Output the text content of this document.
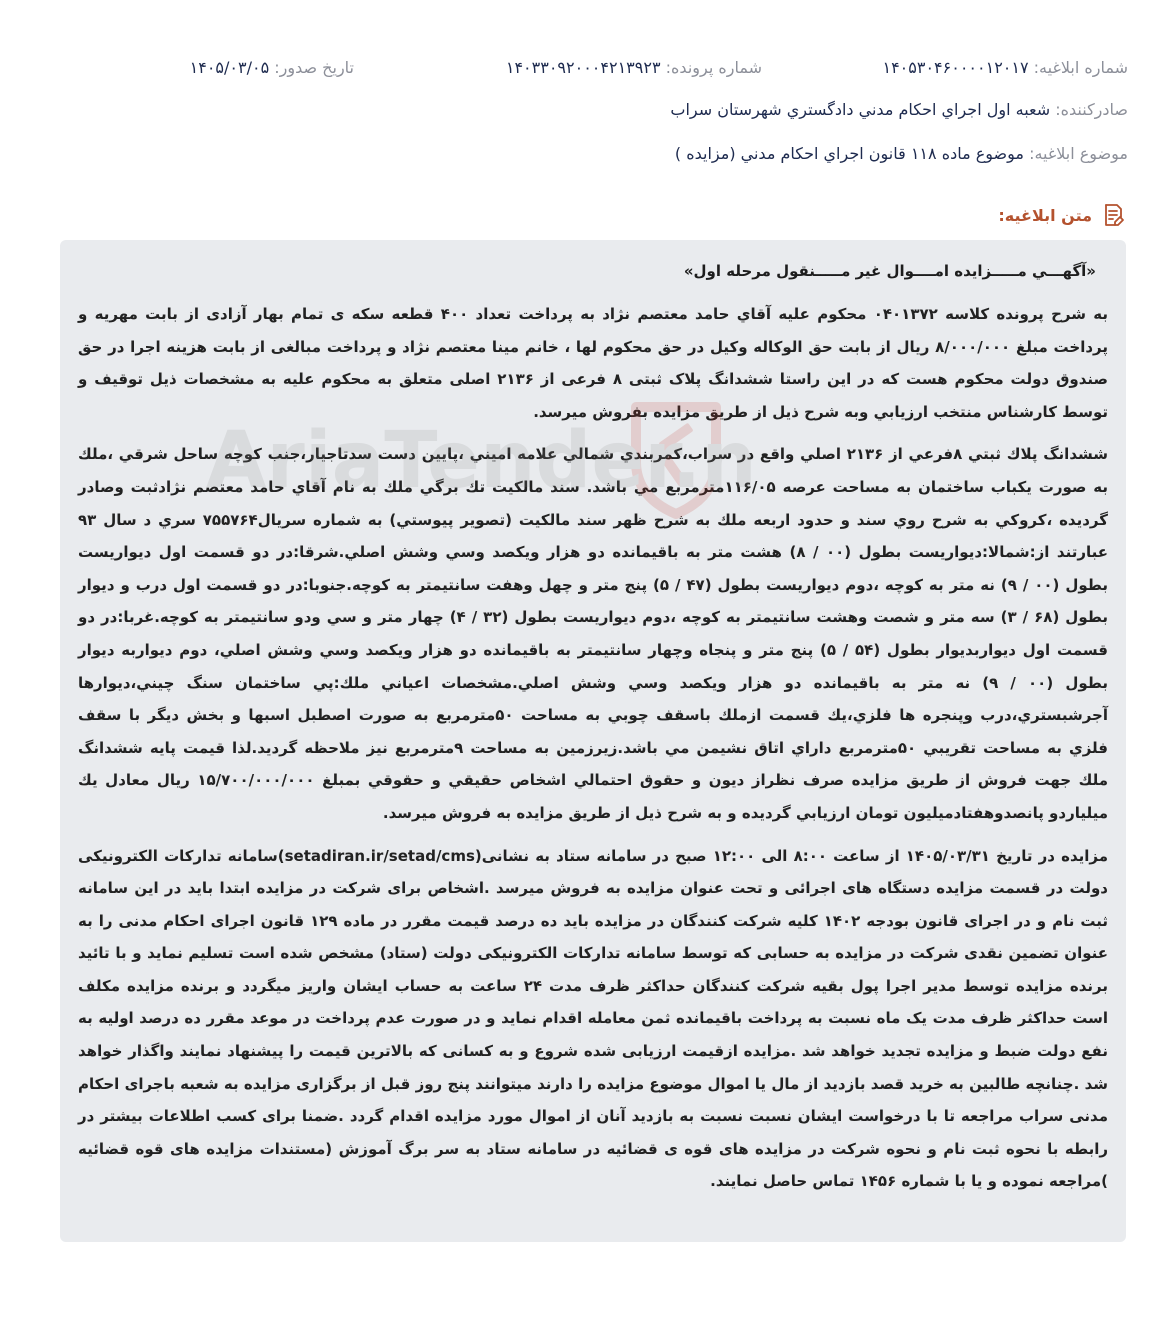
شماره ابلاغیه: ۱۴۰۵۳۰۴۶۰۰۰۰۱۲۰۱۷
شماره پرونده: ۱۴۰۳۳۰۹۲۰۰۰۴۲۱۳۹۲۳
تاریخ صدور: ۱۴۰۵/۰۳/۰۵
صادرکننده: شعبه اول اجراي احكام مدني دادگستري شهرستان سراب
موضوع ابلاغیه: موضوع ماده ۱۱۸ قانون اجراي احكام مدني (مزايده )
متن ابلاغیه:
«آگهـــي مـــــزايده امــــوال غير مـــــنقول مرحله اول»

به شرح پرونده كلاسه ۰۴۰۱۳۷۲ محكوم عليه آقاي حامد معتصم نژاد به پرداخت تعداد ۴۰۰ قطعه سكه ی تمام بهار آزادی از بابت مهريه و پرداخت مبلغ ۸/۰۰۰/۰۰۰ ريال از بابت حق الوكاله وكيل در حق محكوم لها ، خانم مينا معتصم نژاد و پرداخت مبالغی از بابت هزينه اجرا در حق صندوق دولت محكوم هست كه در اين راستا ششدانگ پلاک ثبتی ۸ فرعی از ۲۱۳۶ اصلی متعلق به محكوم عليه به مشخصات ذيل توقيف و توسط كارشناس منتخب ارزيابي وبه شرح ذيل از طريق مزايده بفروش ميرسد.

ششدانگ پلاك ثبتي ۸فرعي از ۲۱۳۶ اصلي واقع در سراب،كمربندي شمالي علامه اميني ،پايين دست سدتاجيار،جنب كوچه ساحل شرقي ،ملك به صورت يكباب ساختمان به مساحت عرصه ۱۱۶/۰۵مترمربع مي باشد. سند مالكيت تك برگي ملك به نام آقاي حامد معتصم نژادثبت وصادر گرديده ،كروكي به شرح روي سند و حدود اربعه ملك به شرح ظهر سند مالكيت (تصوير پيوستي) به شماره سريال۷۵۵۷۶۴ سري د سال ۹۳ عبارتند از:شمالا:ديواريست بطول (۰۰ / ۸) هشت متر به باقيمانده دو هزار ويكصد وسي وشش اصلي.شرقا:در دو قسمت اول ديواريست بطول (۰۰ / ۹) نه متر به كوچه ،دوم ديواريست بطول (۴۷ / ۵) پنج متر و چهل وهفت سانتيمتر به كوچه.جنوبا:در دو قسمت اول درب و ديوار بطول (۶۸ / ۳) سه متر و شصت وهشت سانتيمتر به كوچه ،دوم ديواريست بطول (۳۲ / ۴) چهار متر و سي ودو سانتيمتر به كوچه.غربا:در دو قسمت اول ديواربديوار بطول (۵۴ / ۵) پنج متر و پنجاه وچهار سانتيمتر به باقيمانده دو هزار ويكصد وسي وشش اصلي، دوم ديواربه ديوار بطول (۰۰ / ۹) نه متر به باقيمانده دو هزار ويكصد وسي وشش اصلي.مشخصات اعياني ملك:پي ساختمان سنگ چيني،ديوارها آجرشبستري،درب وپنجره ها فلزي،يك قسمت ازملك باسقف چوبي به مساحت ۵۰مترمربع به صورت اصطبل اسبها و بخش ديگر با سقف فلزي به مساحت تقريبي ۵۰مترمربع داراي اتاق نشيمن مي باشد.زيرزمين به مساحت ۹مترمربع نيز ملاحظه گرديد.لذا قيمت پايه ششدانگ ملك جهت فروش از طريق مزايده صرف نظراز ديون و حقوق احتمالي اشخاص حقيقي و حقوقي بمبلغ ۱۵/۷۰۰/۰۰۰/۰۰۰ ريال معادل يك ميلياردو پانصدوهفتادميليون تومان ارزيابي گرديده و به شرح ذيل از طريق مزايده به فروش ميرسد.

مزايده در تاريخ ۱۴۰۵/۰۳/۳۱ از ساعت ۸:۰۰ الی ۱۲:۰۰ صبح در سامانه ستاد به نشانی(setadiran.ir/setad/cms)سامانه تداركات الكترونيكی دولت در قسمت مزايده دستگاه های اجرائی و تحت عنوان مزايده به فروش ميرسد .اشخاص برای شركت در مزايده ابتدا بايد در اين سامانه ثبت نام و در اجرای قانون بودجه ۱۴۰۲ كليه شركت كنندگان در مزايده بايد ده درصد قيمت مقرر در ماده ۱۲۹ قانون اجرای احكام مدنی را به عنوان تضمين نقدی شركت در مزايده به حسابی كه توسط سامانه تداركات الكترونيكی دولت (ستاد) مشخص شده است تسليم نمايد و با تائيد برنده مزايده توسط مدير اجرا پول بقيه شركت كنندگان حداكثر ظرف مدت ۲۴ ساعت به حساب ايشان واريز ميگردد و برنده مزايده مكلف است حداكثر ظرف مدت يک ماه نسبت به پرداخت باقيمانده ثمن معامله اقدام نمايد و در صورت عدم پرداخت در موعد مقرر ده درصد اوليه به نفع دولت ضبط و مزايده تجديد خواهد شد .مزايده ازقيمت ارزيابی شده شروع و به كسانی كه بالاترين قيمت را پيشنهاد نمايند واگذار خواهد شد .چنانچه طالبين به خريد قصد بازديد از مال يا اموال موضوع مزايده را دارند ميتوانند پنج روز قبل از برگزاری مزايده به شعبه باجرای احكام مدنی سراب مراجعه تا با درخواست ايشان نسبت نسبت به بازديد آنان از اموال مورد مزايده اقدام گردد .ضمنا برای كسب اطلاعات بيشتر در رابطه با نحوه ثبت نام و نحوه شركت در مزايده های قوه ی قضائيه در سامانه ستاد به سر برگ آموزش (مستندات مزايده های قوه قضائيه )مراجعه نموده و يا با شماره ۱۴۵۶ تماس حاصل نمايند.
